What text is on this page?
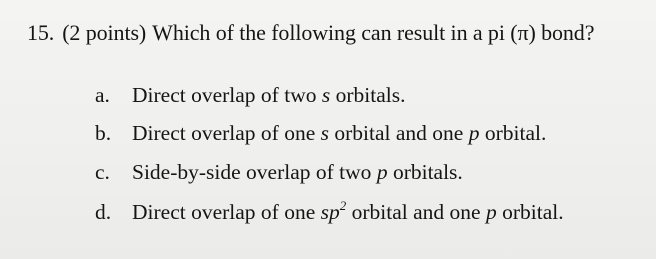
15. (2 points) Which of the following can result in a pi (π) bond?
a. Direct overlap of two s orbitals.
b. Direct overlap of one s orbital and one p orbital.
c. Side-by-side overlap of two p orbitals.
d. Direct overlap of one $sp^2$ orbital and one p orbital.
